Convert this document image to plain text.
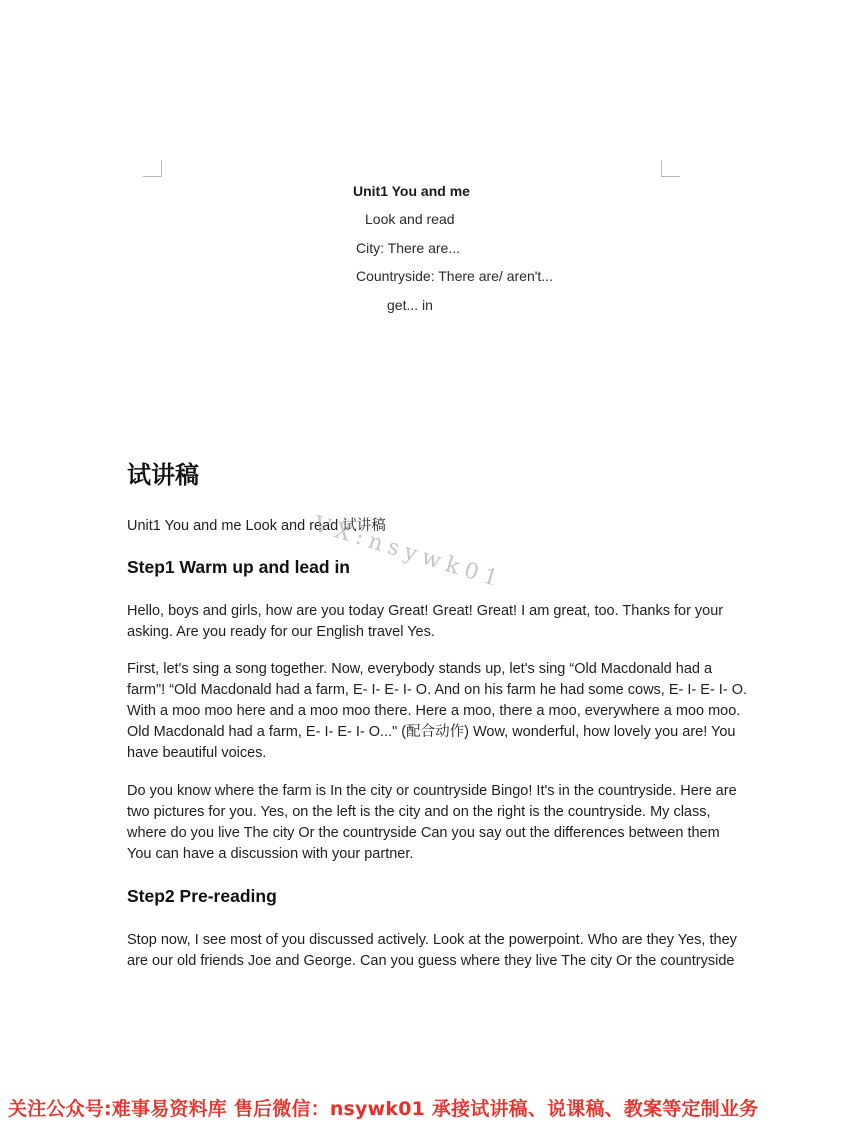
Unit1 You and me
Look and read
City: There are...
Countryside: There are/ aren't...
get... in
试讲稿
Unit1 You and me Look and read 试讲稿
VX:nsywk01
Step1 Warm up and lead in
Hello, boys and girls, how are you today Great! Great! Great! I am great, too. Thanks for your asking. Are you ready for our English travel Yes.
First, let's sing a song together. Now, everybody stands up, let's sing “Old Macdonald had a farm"! “Old Macdonald had a farm, E- I- E- I- O. And on his farm he had some cows, E- I- E- I- O. With a moo moo here and a moo moo there. Here a moo, there a moo, everywhere a moo moo. Old Macdonald had a farm, E- I- E- I- O..." (配合动作) Wow, wonderful, how lovely you are! You have beautiful voices.
Do you know where the farm is In the city or countryside Bingo! It's in the countryside. Here are two pictures for you. Yes, on the left is the city and on the right is the countryside. My class, where do you live The city Or the countryside Can you say out the differences between them You can have a discussion with your partner.
Step2 Pre-reading
Stop now, I see most of you discussed actively. Look at the powerpoint. Who are they Yes, they are our old friends Joe and George. Can you guess where they live The city Or the countryside
关注公众号:难事易资料库 售后微信：nsywk01 承接试讲稿、说课稿、教案等定制业务
